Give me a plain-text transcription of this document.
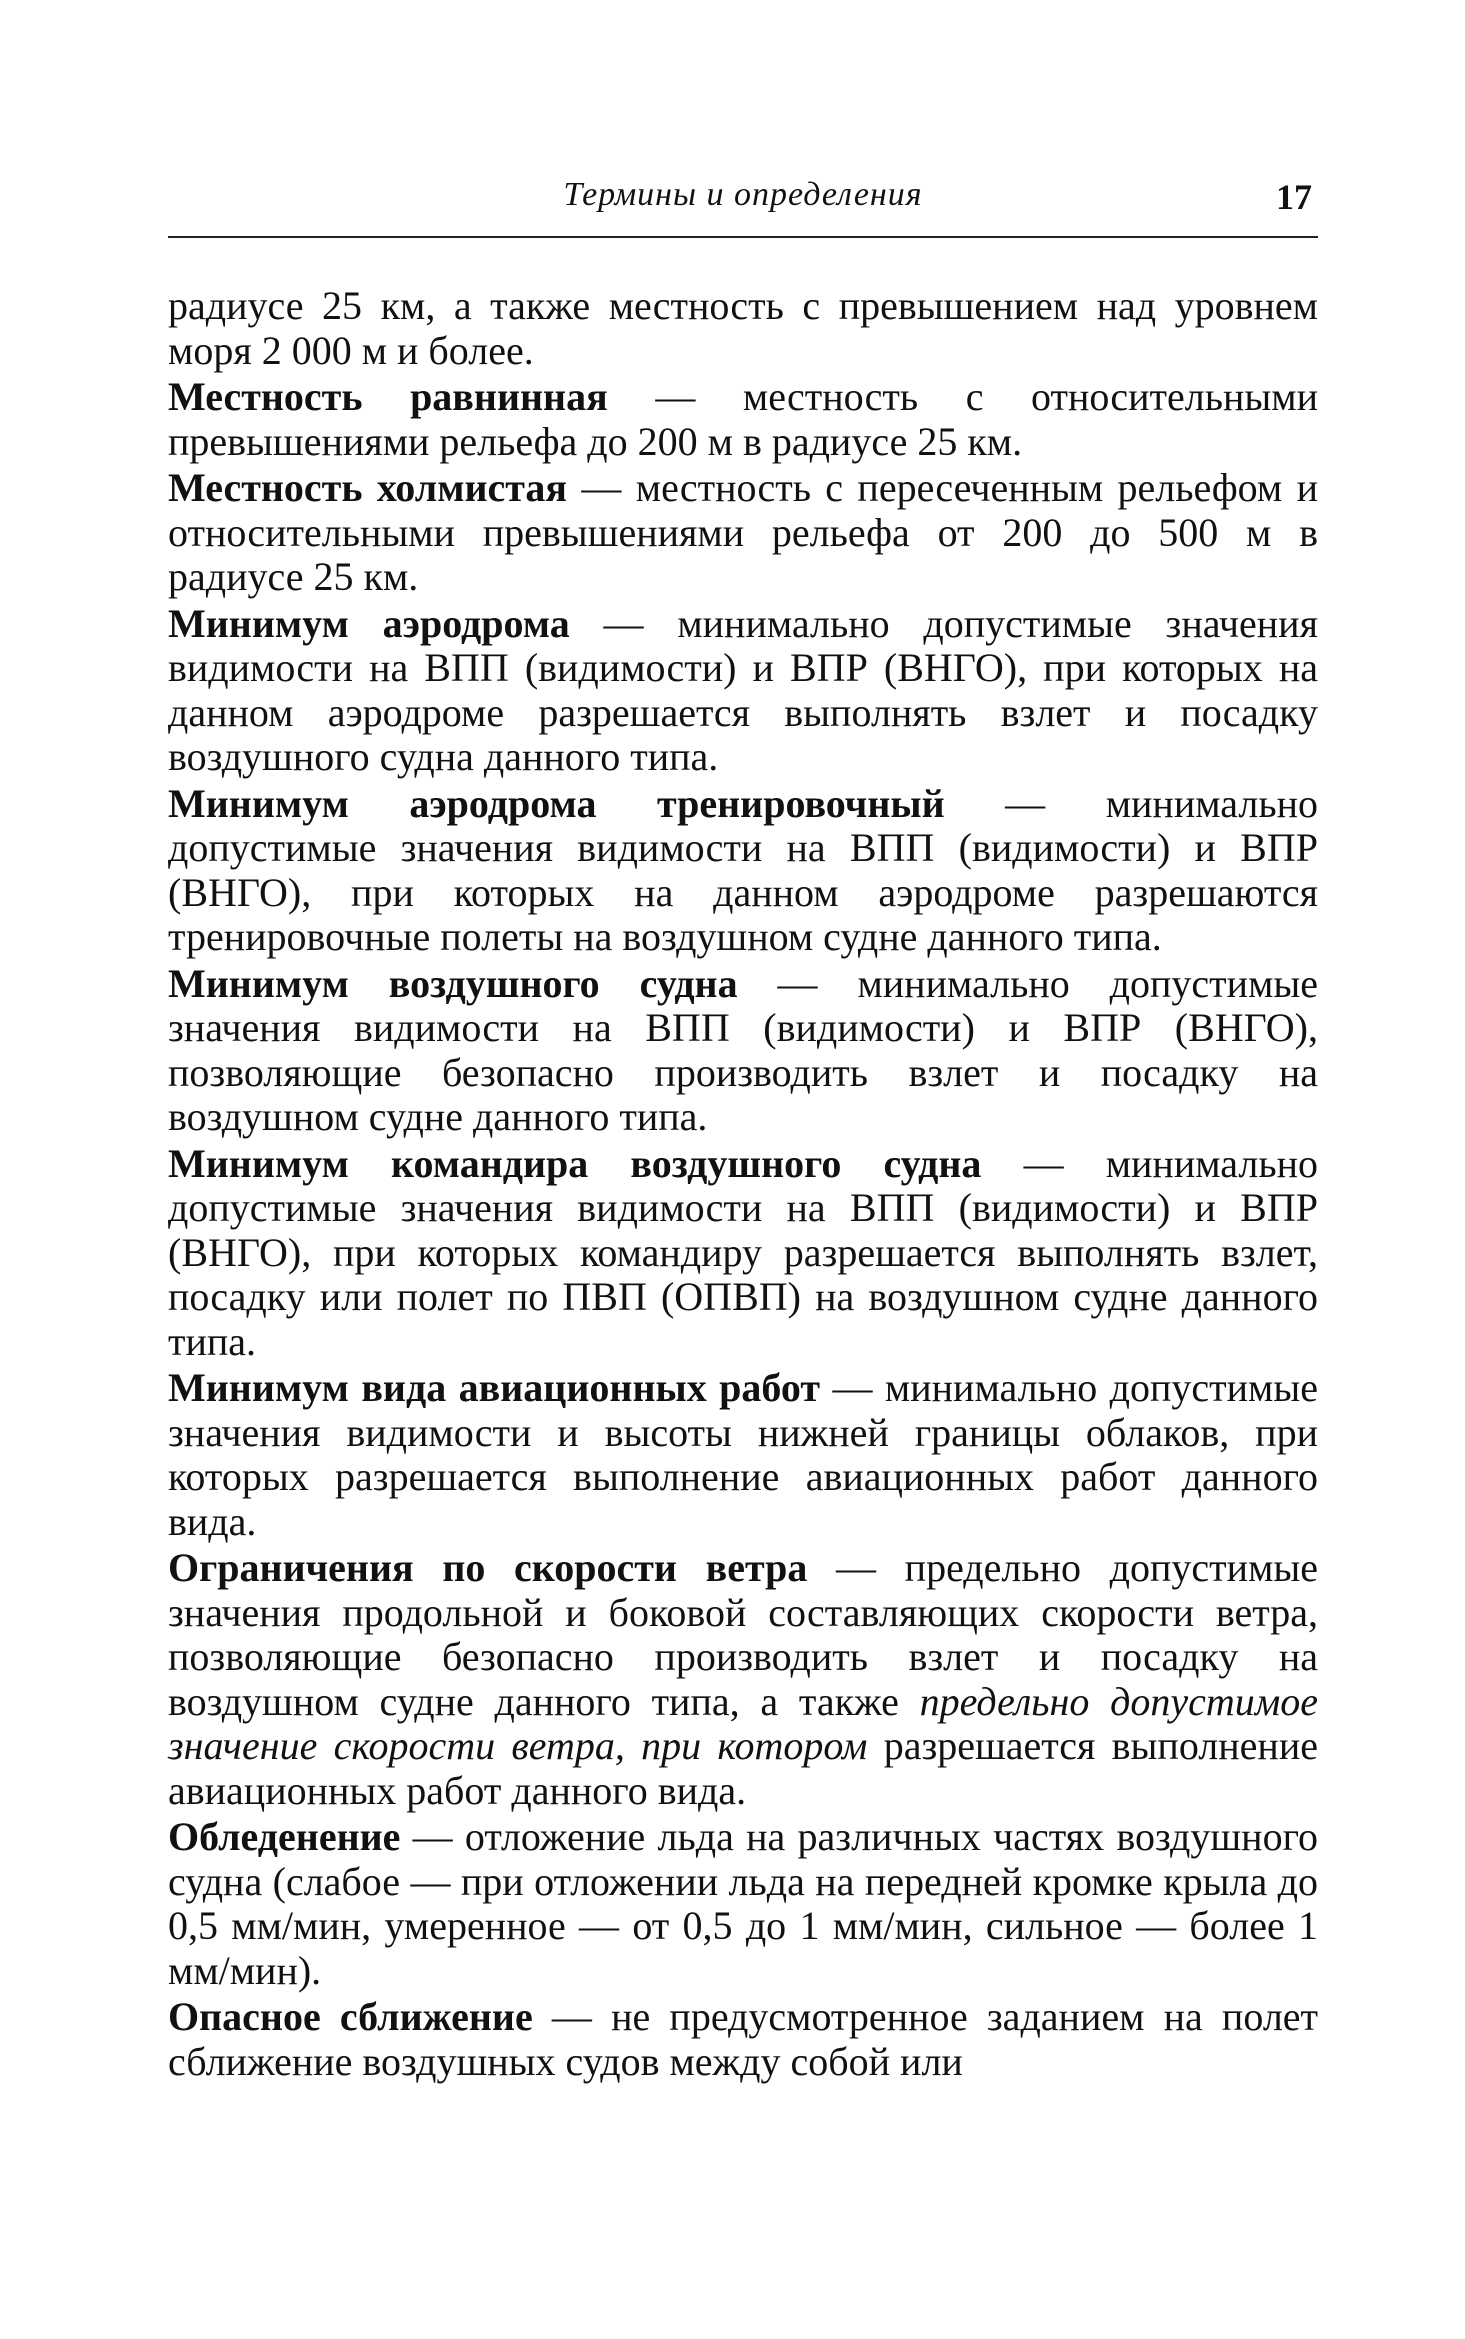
Термины и определения	17

радиусе 25 км, а также местность с превышением над уровнем моря 2 000 м и более.

Местность равнинная — местность с относительными превышениями рельефа до 200 м в радиусе 25 км.

Местность холмистая — местность с пересеченным рельефом и относительными превышениями рельефа от 200 до 500 м в радиусе 25 км.

Минимум аэродрома — минимально допустимые значения видимости на ВПП (видимости) и ВПР (ВНГО), при которых на данном аэродроме разрешается выполнять взлет и посадку воздушного судна данного типа.

Минимум аэродрома тренировочный — минимально допустимые значения видимости на ВПП (видимости) и ВПР (ВНГО), при которых на данном аэродроме разрешаются тренировочные полеты на воздушном судне данного типа.

Минимум воздушного судна — минимально допустимые значения видимости на ВПП (видимости) и ВПР (ВНГО), позволяющие безопасно производить взлет и посадку на воздушном судне данного типа.

Минимум командира воздушного судна — минимально допустимые значения видимости на ВПП (видимости) и ВПР (ВНГО), при которых командиру разрешается выполнять взлет, посадку или полет по ПВП (ОПВП) на воздушном судне данного типа.

Минимум вида авиационных работ — минимально допустимые значения видимости и высоты нижней границы облаков, при которых разрешается выполнение авиационных работ данного вида.

Ограничения по скорости ветра — предельно допустимые значения продольной и боковой составляющих скорости ветра, позволяющие безопасно производить взлет и посадку на воздушном судне данного типа, а также предельно допустимое значение скорости ветра, при котором разрешается выполнение авиационных работ данного вида.

Обледенение — отложение льда на различных частях воздушного судна (слабое — при отложении льда на передней кромке крыла до 0,5 мм/мин, умеренное — от 0,5 до 1 мм/мин, сильное — более 1 мм/мин).

Опасное сближение — не предусмотренное заданием на полет сближение воздушных судов между собой или
